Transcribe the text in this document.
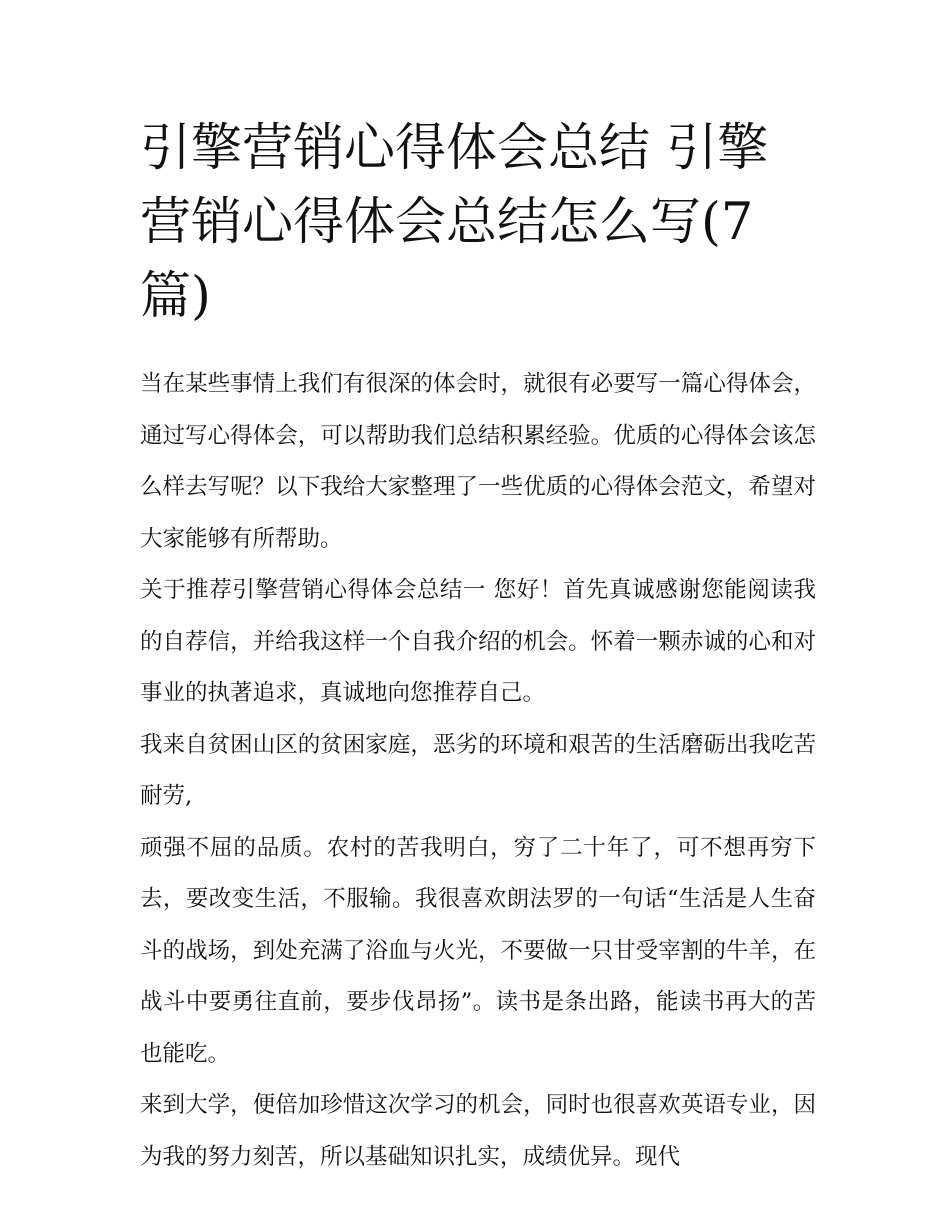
引擎营销心得体会总结 引擎营销心得体会总结怎么写(7篇)

当在某些事情上我们有很深的体会时，就很有必要写一篇心得体会，通过写心得体会，可以帮助我们总结积累经验。优质的心得体会该怎么样去写呢？以下我给大家整理了一些优质的心得体会范文，希望对大家能够有所帮助。

关于推荐引擎营销心得体会总结一 您好！首先真诚感谢您能阅读我的自荐信，并给我这样一个自我介绍的机会。怀着一颗赤诚的心和对事业的执著追求，真诚地向您推荐自己。

我来自贫困山区的贫困家庭，恶劣的环境和艰苦的生活磨砺出我吃苦耐劳,

顽强不屈的品质。农村的苦我明白，穷了二十年了，可不想再穷下去，要改变生活，不服输。我很喜欢朗法罗的一句话“生活是人生奋斗的战场，到处充满了浴血与火光，不要做一只甘受宰割的牛羊，在战斗中要勇往直前，要步伐昂扬”。读书是条出路，能读书再大的苦也能吃。

来到大学，便倍加珍惜这次学习的机会，同时也很喜欢英语专业，因为我的努力刻苦，所以基础知识扎实，成绩优异。现代
